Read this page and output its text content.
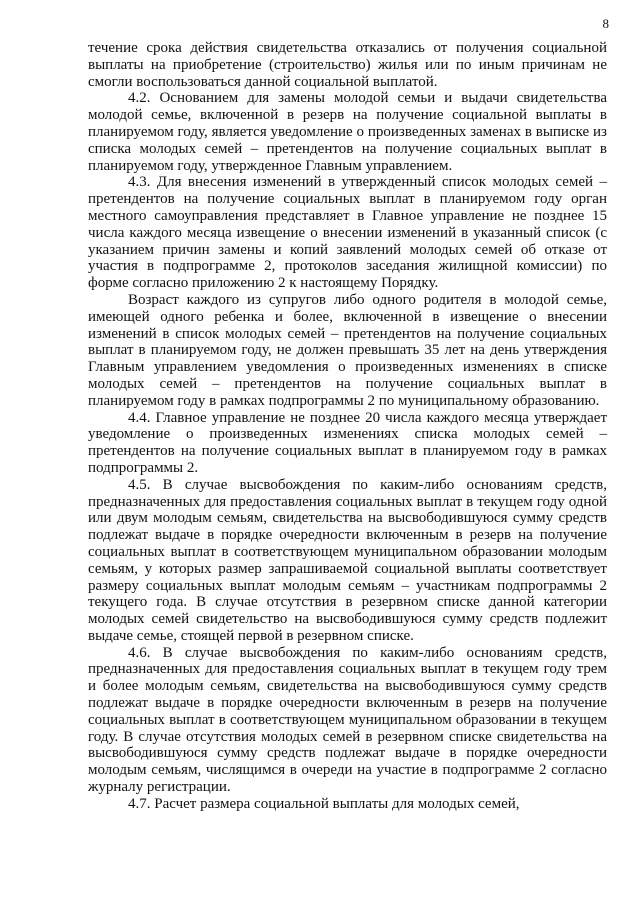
8

течение срока действия свидетельства отказались от получения социальной выплаты на приобретение (строительство) жилья или по иным причинам не смогли воспользоваться данной социальной выплатой.

4.2. Основанием для замены молодой семьи и выдачи свидетельства молодой семье, включенной в резерв на получение социальной выплаты в планируемом году, является уведомление о произведенных заменах в выписке из списка молодых семей – претендентов на получение социальных выплат в планируемом году, утвержденное Главным управлением.

4.3. Для внесения изменений в утвержденный список молодых семей – претендентов на получение социальных выплат в планируемом году орган местного самоуправления представляет в Главное управление не позднее 15 числа каждого месяца извещение о внесении изменений в указанный список (с указанием причин замены и копий заявлений молодых семей об отказе от участия в подпрограмме 2, протоколов заседания жилищной комиссии) по форме согласно приложению 2 к настоящему Порядку.

Возраст каждого из супругов либо одного родителя в молодой семье, имеющей одного ребенка и более, включенной в извещение о внесении изменений в список молодых семей – претендентов на получение социальных выплат в планируемом году, не должен превышать 35 лет на день утверждения Главным управлением уведомления о произведенных изменениях в списке молодых семей – претендентов на получение социальных выплат в планируемом году в рамках подпрограммы 2 по муниципальному образованию.

4.4. Главное управление не позднее 20 числа каждого месяца утверждает уведомление о произведенных изменениях списка молодых семей – претендентов на получение социальных выплат в планируемом году в рамках подпрограммы 2.

4.5. В случае высвобождения по каким-либо основаниям средств, предназначенных для предоставления социальных выплат в текущем году одной или двум молодым семьям, свидетельства на высвободившуюся сумму средств подлежат выдаче в порядке очередности включенным в резерв на получение социальных выплат в соответствующем муниципальном образовании молодым семьям, у которых размер запрашиваемой социальной выплаты соответствует размеру социальных выплат молодым семьям – участникам подпрограммы 2 текущего года. В случае отсутствия в резервном списке данной категории молодых семей свидетельство на высвободившуюся сумму средств подлежит выдаче семье, стоящей первой в резервном списке.

4.6. В случае высвобождения по каким-либо основаниям средств, предназначенных для предоставления социальных выплат в текущем году трем и более молодым семьям, свидетельства на высвободившуюся сумму средств подлежат выдаче в порядке очередности включенным в резерв на получение социальных выплат в соответствующем муниципальном образовании в текущем году. В случае отсутствия молодых семей в резервном списке свидетельства на высвободившуюся сумму средств подлежат выдаче в порядке очередности молодым семьям, числящимся в очереди на участие в подпрограмме 2 согласно журналу регистрации.

4.7. Расчет размера социальной выплаты для молодых семей,
